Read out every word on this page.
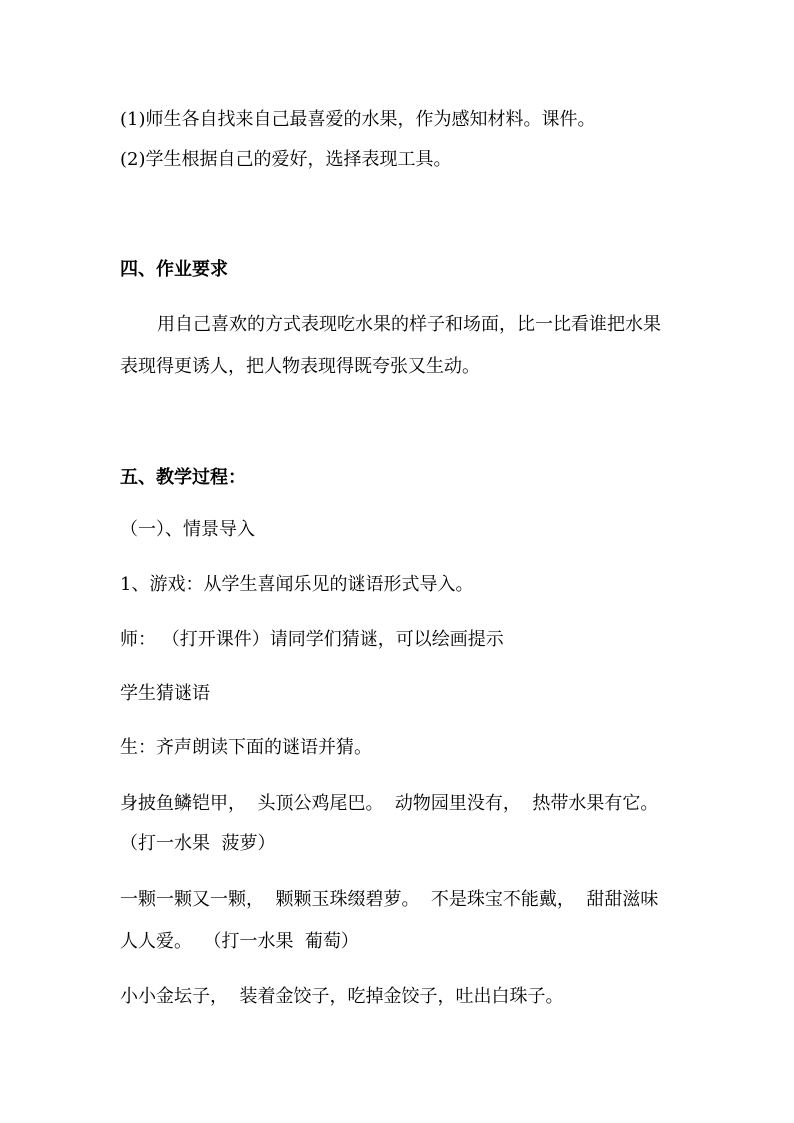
(1)师生各自找来自己最喜爱的水果，作为感知材料。课件。
(2)学生根据自己的爱好，选择表现工具。
四、作业要求
用自己喜欢的方式表现吃水果的样子和场面，比一比看谁把水果
表现得更诱人，把人物表现得既夸张又生动。
五、教学过程：
（一）、情景导入
1、游戏：从学生喜闻乐见的谜语形式导入。
师： （打开课件）请同学们猜谜，可以绘画提示
学生猜谜语
生：齐声朗读下面的谜语并猜。
身披鱼鳞铠甲，  头顶公鸡尾巴。  动物园里没有，  热带水果有它。
（打一水果  菠萝）
一颗一颗又一颗，  颗颗玉珠缀碧萝。  不是珠宝不能戴，  甜甜滋味
人人爱。  （打一水果  葡萄）
小小金坛子，  装着金饺子，吃掉金饺子，吐出白珠子。
